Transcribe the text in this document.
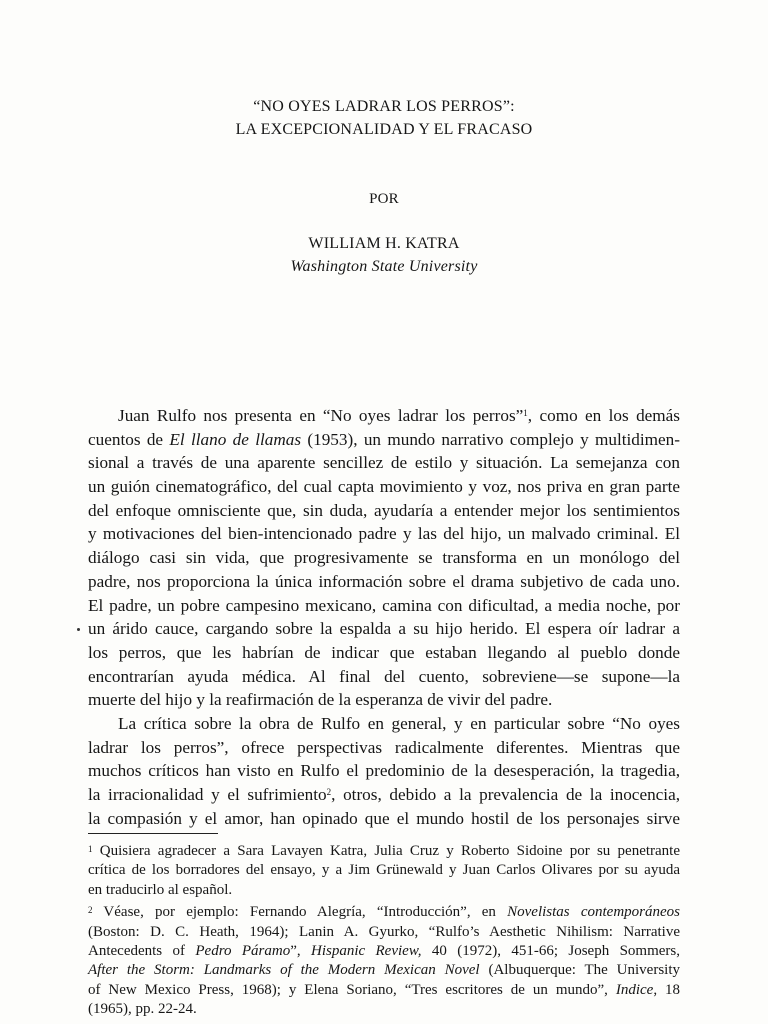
“NO OYES LADRAR LOS PERROS”:
LA EXCEPCIONALIDAD Y EL FRACASO
POR
WILLIAM H. KATRA
Washington State University
Juan Rulfo nos presenta en “No oyes ladrar los perros”$^1$, como en los demás
cuentos de El llano de llamas (1953), un mundo narrativo complejo y multidimen-
sional a través de una aparente sencillez de estilo y situación. La semejanza con
un guión cinematográfico, del cual capta movimiento y voz, nos priva en gran parte
del enfoque omnisciente que, sin duda, ayudaría a entender mejor los sentimientos
y motivaciones del bien-intencionado padre y las del hijo, un malvado criminal. El
diálogo casi sin vida, que progresivamente se transforma en un monólogo del
padre, nos proporciona la única información sobre el drama subjetivo de cada uno.
El padre, un pobre campesino mexicano, camina con dificultad, a media noche, por
un árido cauce, cargando sobre la espalda a su hijo herido. El espera oír ladrar a
los perros, que les habrían de indicar que estaban llegando al pueblo donde
encontrarían ayuda médica. Al final del cuento, sobreviene—se supone—la
muerte del hijo y la reafirmación de la esperanza de vivir del padre.
La crítica sobre la obra de Rulfo en general, y en particular sobre “No oyes
ladrar los perros”, ofrece perspectivas radicalmente diferentes. Mientras que
muchos críticos han visto en Rulfo el predominio de la desesperación, la tragedia,
la irracionalidad y el sufrimiento$^2$, otros, debido a la prevalencia de la inocencia,
la compasión y el amor, han opinado que el mundo hostil de los personajes sirve
$^1$ Quisiera agradecer a Sara Lavayen Katra, Julia Cruz y Roberto Sidoine por su penetrante
crítica de los borradores del ensayo, y a Jim Grünewald y Juan Carlos Olivares por su ayuda
en traducirlo al español.
$^2$ Véase, por ejemplo: Fernando Alegría, “Introducción”, en Novelistas contemporáneos
(Boston: D. C. Heath, 1964); Lanin A. Gyurko, “Rulfo’s Aesthetic Nihilism: Narrative
Antecedents of Pedro Páramo”, Hispanic Review, 40 (1972), 451-66; Joseph Sommers,
After the Storm: Landmarks of the Modern Mexican Novel (Albuquerque: The University
of New Mexico Press, 1968); y Elena Soriano, “Tres escritores de un mundo”, Indice, 18
(1965), pp. 22-24.
